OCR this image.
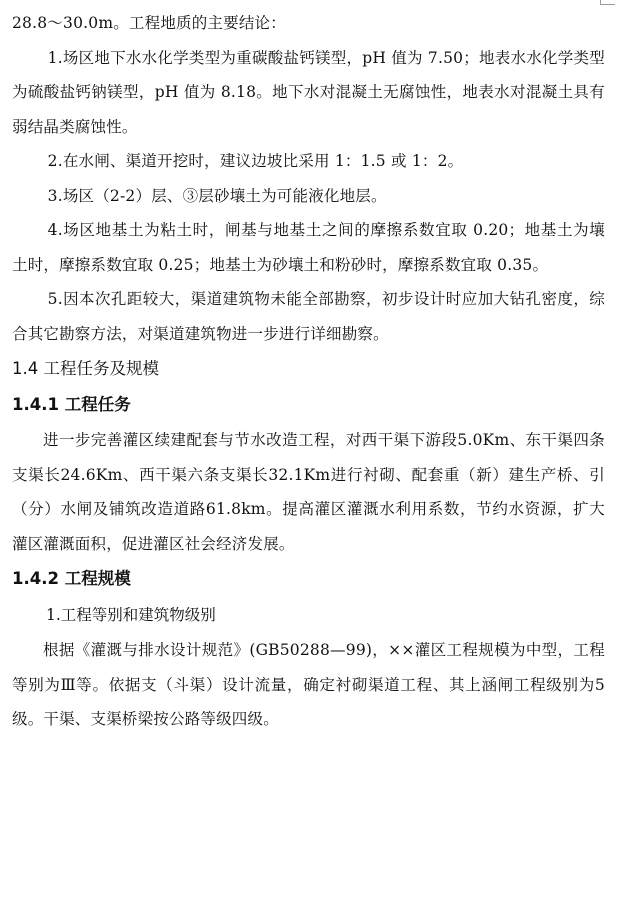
28.8～30.0m。工程地质的主要结论：

1.场区地下水水化学类型为重碳酸盐钙镁型，pH 值为 7.50；地表水水化学类型为硫酸盐钙钠镁型，pH 值为 8.18。地下水对混凝土无腐蚀性，地表水对混凝土具有弱结晶类腐蚀性。

2.在水闸、渠道开挖时，建议边坡比采用 1：1.5 或 1：2。

3.场区（2-2）层、③层砂壤土为可能液化地层。

4.场区地基土为粘土时，闸基与地基土之间的摩擦系数宜取 0.20；地基土为壤土时，摩擦系数宜取 0.25；地基土为砂壤土和粉砂时，摩擦系数宜取 0.35。

5.因本次孔距较大，渠道建筑物未能全部勘察，初步设计时应加大钻孔密度，综合其它勘察方法，对渠道建筑物进一步进行详细勘察。

1.4 工程任务及规模
1.4.1 工程任务

进一步完善灌区续建配套与节水改造工程，对西干渠下游段5.0Km、东干渠四条支渠长24.6Km、西干渠六条支渠长32.1Km进行衬砌、配套重（新）建生产桥、引（分）水闸及铺筑改造道路61.8km。提高灌区灌溉水利用系数，节约水资源，扩大灌区灌溉面积，促进灌区社会经济发展。

1.4.2 工程规模
1.工程等别和建筑物级别

根据《灌溉与排水设计规范》(GB50288—99)，××灌区工程规模为中型，工程等别为Ⅲ等。依据支（斗渠）设计流量，确定衬砌渠道工程、其上涵闸工程级别为5级。干渠、支渠桥梁按公路等级四级。
